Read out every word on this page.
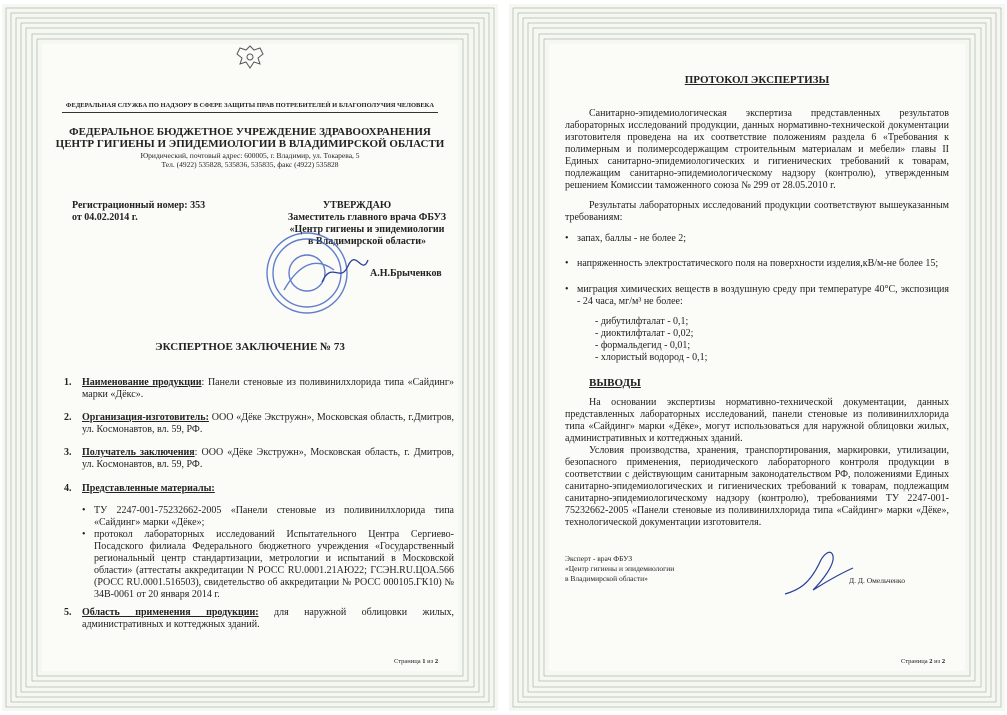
ФЕДЕРАЛЬНАЯ СЛУЖБА ПО НАДЗОРУ В СФЕРЕ ЗАЩИТЫ ПРАВ ПОТРЕБИТЕЛЕЙ И БЛАГОПОЛУЧИЯ ЧЕЛОВЕКА
ФЕДЕРАЛЬНОЕ БЮДЖЕТНОЕ УЧРЕЖДЕНИЕ ЗДРАВООХРАНЕНИЯ
ЦЕНТР ГИГИЕНЫ И ЭПИДЕМИОЛОГИИ В ВЛАДИМИРСКОЙ ОБЛАСТИ
Юридический, почтовый адрес: 600005, г. Владимир, ул. Токарева, 5
Тел. (4922) 535828, 535836, 535835, факс (4922) 535828
Регистрационный номер: 353
от 04.02.2014 г.
УТВЕРЖДАЮ
Заместитель главного врача ФБУЗ
«Центр гигиены и эпидемиологии
в Владимирской области»
А.Н.Брыченков
ЭКСПЕРТНОЕ ЗАКЛЮЧЕНИЕ № 73
1. Наименование продукции: Панели стеновые из поливинилхлорида типа «Сайдинг» марки «Дёкс».
2. Организация-изготовитель: ООО «Дёке Экстружн», Московская область, г.Дмитров, ул. Космонавтов, вл. 59, РФ.
3. Получатель заключения: ООО «Дёке Экстружн», Московская область, г. Дмитров, ул. Космонавтов, вл. 59, РФ.
4. Представленные материалы:
• ТУ 2247-001-75232662-2005 «Панели стеновые из поливинилхлорида типа «Сайдинг» марки «Дёке»;
• протокол лабораторных исследований Испытательного Центра Сергиево-Посадского филиала Федерального бюджетного учреждения «Государственный региональный центр стандартизации, метрологии и испытаний в Московской области» (аттестаты аккредитации N РОСС RU.0001.21АЮ22; ГСЭН.RU.ЦОА.566 (РОСС RU.0001.516503), свидетельство об аккредитации № РОСС 000105.ГК10) № 34В-0061 от 20 января 2014 г.
5. Область применения продукции: для наружной облицовки жилых, административных и коттеджных зданий.
Страница 1 из 2
ПРОТОКОЛ ЭКСПЕРТИЗЫ
Санитарно-эпидемиологическая экспертиза представленных результатов лабораторных исследований продукции, данных нормативно-технической документации изготовителя проведена на их соответствие положениям раздела 6 «Требования к полимерным и полимерсодержащим строительным материалам и мебели» главы II Единых санитарно-эпидемиологических и гигиенических требований к товарам, подлежащим санитарно-эпидемиологическому надзору (контролю), утвержденным решением Комиссии таможенного союза № 299 от 28.05.2010 г.
Результаты лабораторных исследований продукции соответствуют вышеуказанным требованиям:
• запах, баллы - не более 2;
• напряженность электростатического поля на поверхности изделия,кВ/м-не более 15;
• миграция химических веществ в воздушную среду при температуре 40°С, экспозиция - 24 часа, мг/м³ не более:
- дибутилфталат - 0,1;
- диоктилфталат - 0,02;
- формальдегид - 0,01;
- хлористый водород - 0,1;
ВЫВОДЫ
На основании экспертизы нормативно-технической документации, данных представленных лабораторных исследований, панели стеновые из поливинилхлорида типа «Сайдинг» марки «Дёке», могут использоваться для наружной облицовки жилых, административных и коттеджных зданий.
Условия производства, хранения, транспортирования, маркировки, утилизации, безопасного применения, периодического лабораторного контроля продукции в соответствии с действующим санитарным законодательством РФ, положениями Единых санитарно-эпидемиологических и гигиенических требований к товарам, подлежащим санитарно-эпидемиологическому надзору (контролю), требованиями ТУ 2247-001-75232662-2005 «Панели стеновые из поливинилхлорида типа «Сайдинг» марки «Дёке», технологической документации изготовителя.
Эксперт - врач ФБУЗ
«Центр гигиены и эпидемиологии
в Владимирской области»	Д. Д. Омельченко
Страница 2 из 2
